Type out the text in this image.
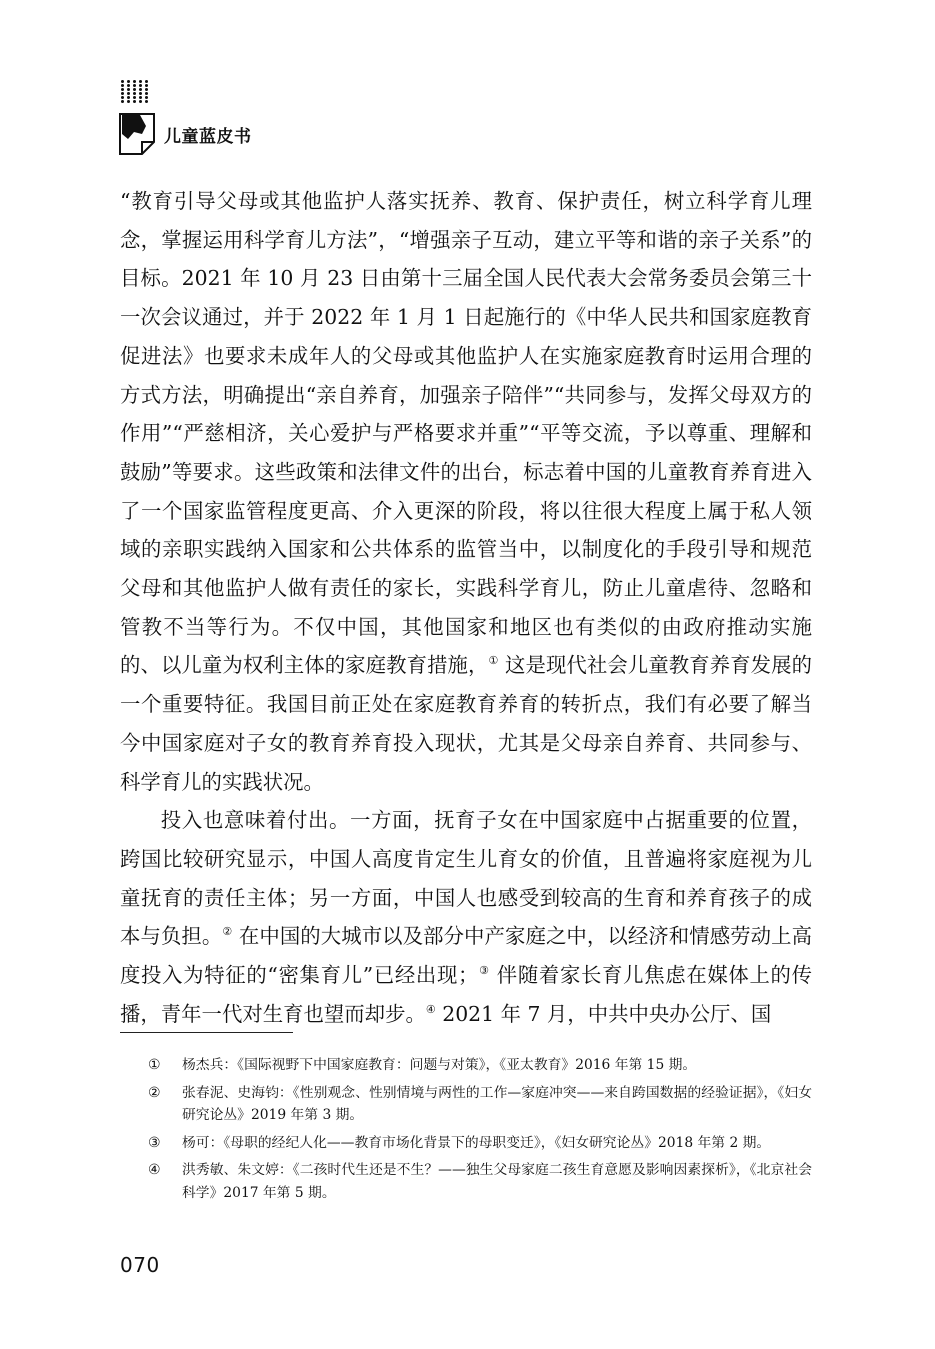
儿童蓝皮书

“教育引导父母或其他监护人落实抚养、教育、保护责任，树立科学育儿理念，掌握运用科学育儿方法”，“增强亲子互动，建立平等和谐的亲子关系”的目标。2021 年 10 月 23 日由第十三届全国人民代表大会常务委员会第三十一次会议通过，并于 2022 年 1 月 1 日起施行的《中华人民共和国家庭教育促进法》也要求未成年人的父母或其他监护人在实施家庭教育时运用合理的方式方法，明确提出“亲自养育，加强亲子陪伴”“共同参与，发挥父母双方的作用”“严慈相济，关心爱护与严格要求并重”“平等交流，予以尊重、理解和鼓励”等要求。这些政策和法律文件的出台，标志着中国的儿童教育养育进入了一个国家监管程度更高、介入更深的阶段，将以往很大程度上属于私人领域的亲职实践纳入国家和公共体系的监管当中，以制度化的手段引导和规范父母和其他监护人做有责任的家长，实践科学育儿，防止儿童虐待、忽略和管教不当等行为。不仅中国，其他国家和地区也有类似的由政府推动实施的、以儿童为权利主体的家庭教育措施，① 这是现代社会儿童教育养育发展的一个重要特征。我国目前正处在家庭教育养育的转折点，我们有必要了解当今中国家庭对子女的教育养育投入现状，尤其是父母亲自养育、共同参与、科学育儿的实践状况。

投入也意味着付出。一方面，抚育子女在中国家庭中占据重要的位置，跨国比较研究显示，中国人高度肯定生儿育女的价值，且普遍将家庭视为儿童抚育的责任主体；另一方面，中国人也感受到较高的生育和养育孩子的成本与负担。② 在中国的大城市以及部分中产家庭之中，以经济和情感劳动上高度投入为特征的“密集育儿”已经出现；③ 伴随着家长育儿焦虑在媒体上的传播，青年一代对生育也望而却步。④ 2021 年 7 月，中共中央办公厅、国

① 杨杰兵：《国际视野下中国家庭教育：问题与对策》，《亚太教育》2016 年第 15 期。
② 张春泥、史海钧：《性别观念、性别情境与两性的工作—家庭冲突——来自跨国数据的经验证据》，《妇女研究论丛》2019 年第 3 期。
③ 杨可：《母职的经纪人化——教育市场化背景下的母职变迁》，《妇女研究论丛》2018 年第 2 期。
④ 洪秀敏、朱文婷：《二孩时代生还是不生？——独生父母家庭二孩生育意愿及影响因素探析》，《北京社会科学》2017 年第 5 期。
070
